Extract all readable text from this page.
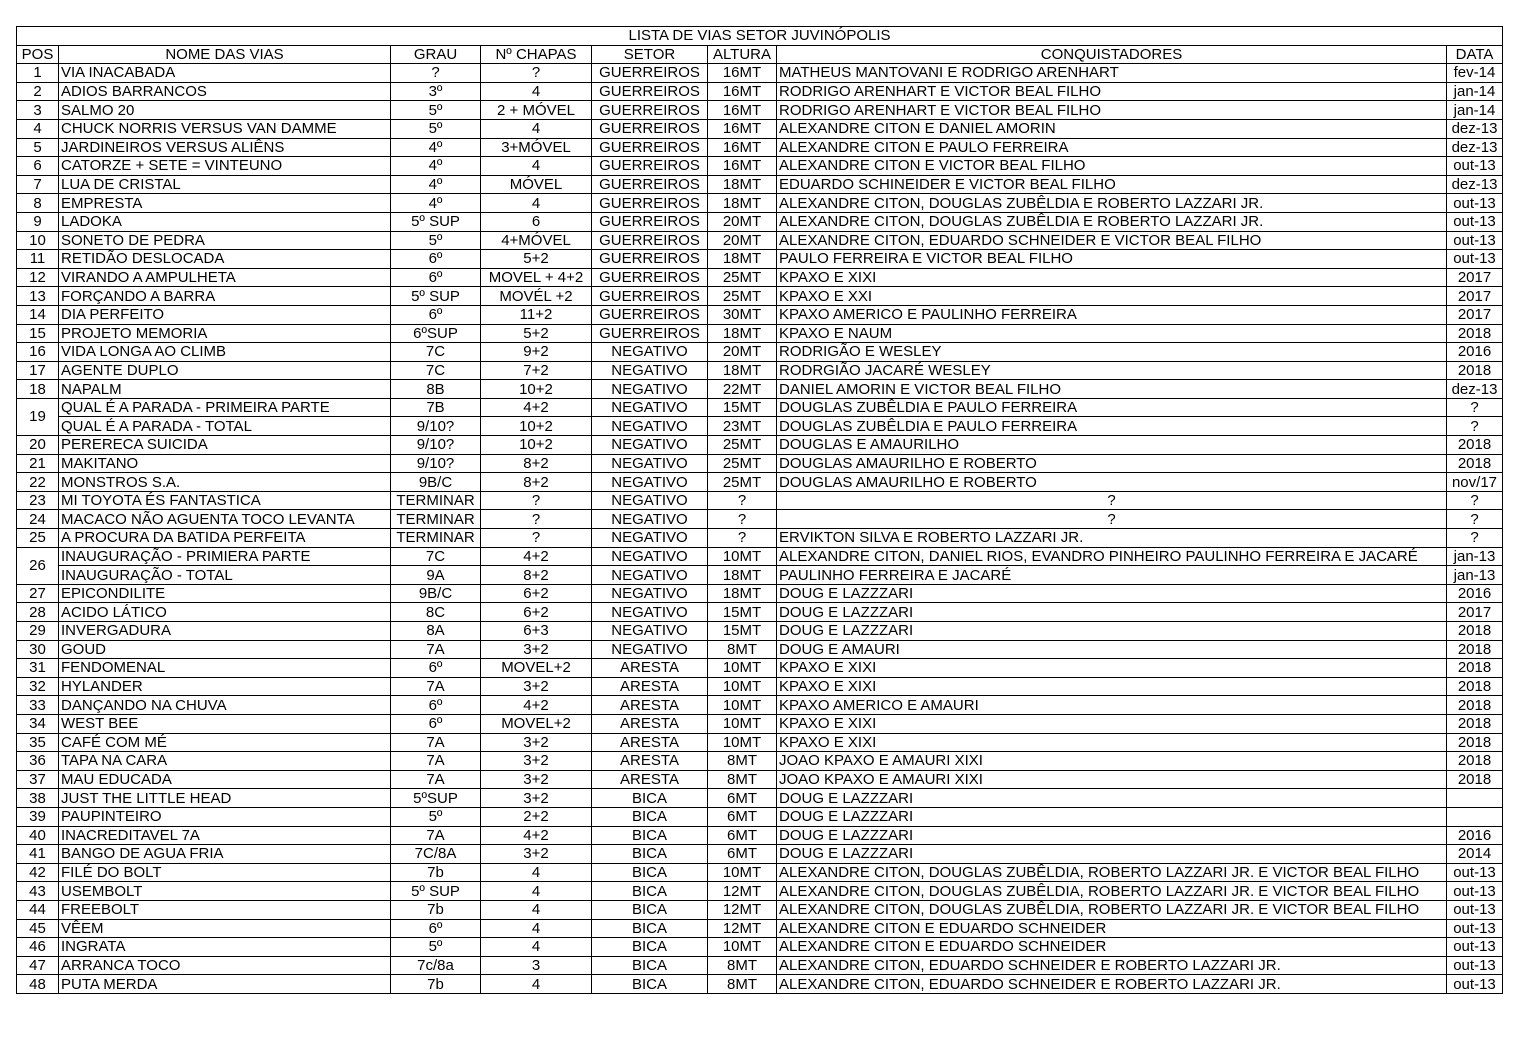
LISTA DE VIAS SETOR JUVINÓPOLIS							
POS	NOME DAS VIAS	GRAU	Nº CHAPAS	SETOR	ALTURA	CONQUISTADORES	DATA
1	VIA INACABADA	?	?	GUERREIROS	16MT	MATHEUS MANTOVANI E RODRIGO ARENHART	fev-14
2	ADIOS BARRANCOS	3º	4	GUERREIROS	16MT	RODRIGO ARENHART E VICTOR BEAL FILHO	jan-14
3	SALMO 20	5º	2 + MÓVEL	GUERREIROS	16MT	RODRIGO ARENHART E VICTOR BEAL FILHO	jan-14
4	CHUCK NORRIS VERSUS VAN DAMME	5º	4	GUERREIROS	16MT	ALEXANDRE CITON E DANIEL AMORIN	dez-13
5	JARDINEIROS VERSUS ALIÊNS	4º	3+MÓVEL	GUERREIROS	16MT	ALEXANDRE CITON E PAULO FERREIRA	dez-13
6	CATORZE + SETE = VINTEUNO	4º	4	GUERREIROS	16MT	ALEXANDRE CITON E VICTOR BEAL FILHO	out-13
7	LUA DE CRISTAL	4º	MÓVEL	GUERREIROS	18MT	EDUARDO SCHINEIDER E VICTOR BEAL FILHO	dez-13
8	EMPRESTA	4º	4	GUERREIROS	18MT	ALEXANDRE CITON, DOUGLAS ZUBÊLDIA E ROBERTO LAZZARI JR.	out-13
9	LADOKA	5º SUP	6	GUERREIROS	20MT	ALEXANDRE CITON, DOUGLAS ZUBÊLDIA E ROBERTO LAZZARI JR.	out-13
10	SONETO DE PEDRA	5º	4+MÓVEL	GUERREIROS	20MT	ALEXANDRE CITON, EDUARDO SCHNEIDER E VICTOR BEAL FILHO	out-13
11	RETIDÃO DESLOCADA	6º	5+2	GUERREIROS	18MT	PAULO FERREIRA E VICTOR BEAL FILHO	out-13
12	VIRANDO A AMPULHETA	6º	MOVEL + 4+2	GUERREIROS	25MT	KPAXO E XIXI	2017
13	FORÇANDO A BARRA	5º SUP	MOVÉL +2	GUERREIROS	25MT	KPAXO E XXI	2017
14	DIA PERFEITO	6º	11+2	GUERREIROS	30MT	KPAXO AMERICO E PAULINHO FERREIRA	2017
15	PROJETO MEMORIA	6ºSUP	5+2	GUERREIROS	18MT	KPAXO E NAUM	2018
16	VIDA LONGA AO CLIMB	7C	9+2	NEGATIVO	20MT	RODRIGÃO E WESLEY	2016
17	AGENTE DUPLO	7C	7+2	NEGATIVO	18MT	RODRGIÃO JACARÉ WESLEY	2018
18	NAPALM	8B	10+2	NEGATIVO	22MT	DANIEL AMORIN E VICTOR BEAL FILHO	dez-13
19	QUAL É A PARADA - PRIMEIRA PARTE	7B	4+2	NEGATIVO	15MT	DOUGLAS ZUBÊLDIA E PAULO FERREIRA	?
	QUAL É A PARADA - TOTAL	9/10?	10+2	NEGATIVO	23MT	DOUGLAS ZUBÊLDIA E PAULO FERREIRA	?
20	PERERECA SUICIDA	9/10?	10+2	NEGATIVO	25MT	DOUGLAS E AMAURILHO	2018
21	MAKITANO	9/10?	8+2	NEGATIVO	25MT	DOUGLAS AMAURILHO E ROBERTO	2018
22	MONSTROS S.A.	9B/C	8+2	NEGATIVO	25MT	DOUGLAS AMAURILHO E ROBERTO	nov/17
23	MI TOYOTA ÉS FANTASTICA	TERMINAR	?	NEGATIVO	?	?	?
24	MACACO NÃO AGUENTA TOCO LEVANTA	TERMINAR	?	NEGATIVO	?	?	?
25	A PROCURA DA BATIDA PERFEITA	TERMINAR	?	NEGATIVO	?	ERVIKTON SILVA E ROBERTO LAZZARI JR.	?
26	INAUGURAÇÃO - PRIMIERA PARTE	7C	4+2	NEGATIVO	10MT	ALEXANDRE CITON, DANIEL RIOS, EVANDRO PINHEIRO PAULINHO FERREIRA E JACARÉ	jan-13
	INAUGURAÇÃO - TOTAL	9A	8+2	NEGATIVO	18MT	PAULINHO FERREIRA E JACARÉ	jan-13
27	EPICONDILITE	9B/C	6+2	NEGATIVO	18MT	DOUG E LAZZZARI	2016
28	ACIDO LÁTICO	8C	6+2	NEGATIVO	15MT	DOUG E LAZZZARI	2017
29	INVERGADURA	8A	6+3	NEGATIVO	15MT	DOUG E LAZZZARI	2018
30	GOUD	7A	3+2	NEGATIVO	8MT	DOUG E AMAURI	2018
31	FENDOMENAL	6º	MOVEL+2	ARESTA	10MT	KPAXO E XIXI	2018
32	HYLANDER	7A	3+2	ARESTA	10MT	KPAXO E XIXI	2018
33	DANÇANDO NA CHUVA	6º	4+2	ARESTA	10MT	KPAXO AMERICO E AMAURI	2018
34	WEST BEE	6º	MOVEL+2	ARESTA	10MT	KPAXO E XIXI	2018
35	CAFÉ COM MÉ	7A	3+2	ARESTA	10MT	KPAXO E XIXI	2018
36	TAPA NA CARA	7A	3+2	ARESTA	8MT	JOAO KPAXO E AMAURI XIXI	2018
37	MAU EDUCADA	7A	3+2	ARESTA	8MT	JOAO KPAXO E AMAURI XIXI	2018
38	JUST THE LITTLE HEAD	5ºSUP	3+2	BICA	6MT	DOUG E LAZZZARI	
39	PAUPINTEIRO	5º	2+2	BICA	6MT	DOUG E LAZZZARI	
40	INACREDITAVEL 7A	7A	4+2	BICA	6MT	DOUG E LAZZZARI	2016
41	BANGO DE AGUA FRIA	7C/8A	3+2	BICA	6MT	DOUG E LAZZZARI	2014
42	FILÉ DO BOLT	7b	4	BICA	10MT	ALEXANDRE CITON, DOUGLAS ZUBÊLDIA, ROBERTO LAZZARI JR. E VICTOR BEAL FILHO	out-13
43	USEMBOLT	5º SUP	4	BICA	12MT	ALEXANDRE CITON, DOUGLAS ZUBÊLDIA, ROBERTO LAZZARI JR. E VICTOR BEAL FILHO	out-13
44	FREEBOLT	7b	4	BICA	12MT	ALEXANDRE CITON, DOUGLAS ZUBÊLDIA, ROBERTO LAZZARI JR. E VICTOR BEAL FILHO	out-13
45	VÊEM	6º	4	BICA	12MT	ALEXANDRE CITON E EDUARDO SCHNEIDER	out-13
46	INGRATA	5º	4	BICA	10MT	ALEXANDRE CITON E EDUARDO SCHNEIDER	out-13
47	ARRANCA TOCO	7c/8a	3	BICA	8MT	ALEXANDRE CITON, EDUARDO SCHNEIDER E ROBERTO LAZZARI JR.	out-13
48	PUTA MERDA	7b	4	BICA	8MT	ALEXANDRE CITON, EDUARDO SCHNEIDER E ROBERTO LAZZARI JR.	out-13
